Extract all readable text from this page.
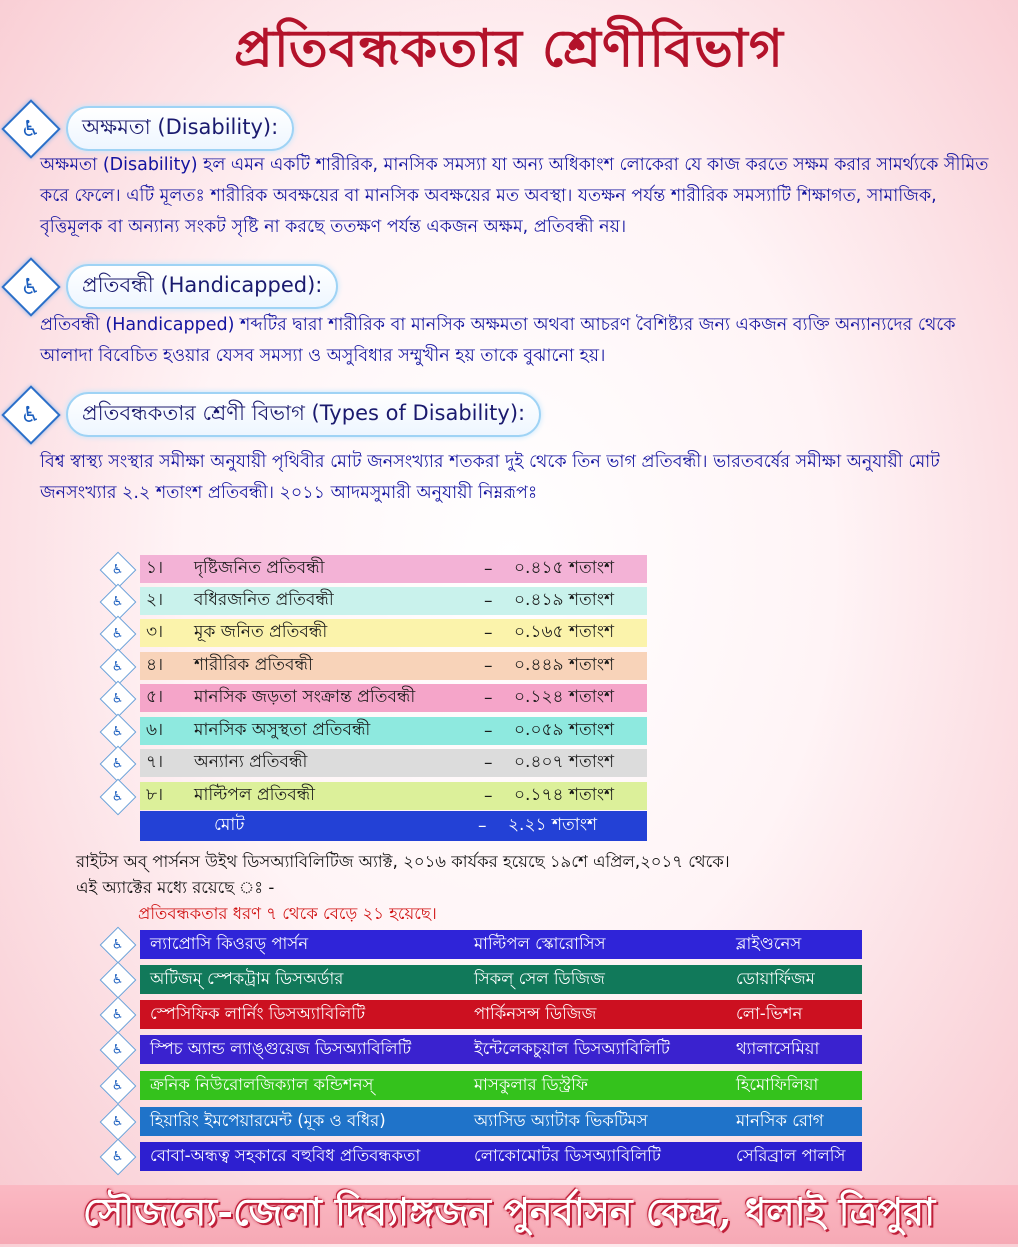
প্রতিবন্ধকতার শ্রেণীবিভাগ
♿	অক্ষমতা (Disability):
অক্ষমতা (Disability) হল এমন একটি শারীরিক, মানসিক সমস্যা যা অন্য অধিকাংশ লোকেরা যে কাজ করতে সক্ষম করার সামর্থ্যকে সীমিত করে ফেলে। এটি মূলতঃ শারীরিক অবক্ষয়ের বা মানসিক অবক্ষয়ের মত অবস্থা। যতক্ষন পর্যন্ত শারীরিক সমস্যাটি শিক্ষাগত, সামাজিক, বৃত্তিমূলক বা অন্যান্য সংকট সৃষ্টি না করছে ততক্ষণ পর্যন্ত একজন অক্ষম, প্রতিবন্ধী নয়।
♿	প্রতিবন্ধী (Handicapped):
প্রতিবন্ধী (Handicapped) শব্দটির দ্বারা শারীরিক বা মানসিক অক্ষমতা অথবা আচরণ বৈশিষ্ট্যর জন্য একজন ব্যক্তি অন্যান্যদের থেকে আলাদা বিবেচিত হওয়ার যেসব সমস্যা ও অসুবিধার সম্মুখীন হয় তাকে বুঝানো হয়।
♿	প্রতিবন্ধকতার শ্রেণী বিভাগ (Types of Disability):
বিশ্ব স্বাস্থ্য সংস্থার সমীক্ষা অনুযায়ী পৃথিবীর মোট জনসংখ্যার শতকরা দুই থেকে তিন ভাগ প্রতিবন্ধী। ভারতবর্ষের সমীক্ষা অনুযায়ী মোট জনসংখ্যার ২.২ শতাংশ প্রতিবন্ধী। ২০১১ আদমসুমারী অনুযায়ী নিম্নরূপঃ
♿	১।	দৃষ্টিজনিত প্রতিবন্ধী	–	০.৪১৫ শতাংশ
♿	২।	বধিরজনিত প্রতিবন্ধী	–	০.৪১৯ শতাংশ
♿	৩।	মূক জনিত প্রতিবন্ধী	–	০.১৬৫ শতাংশ
♿	৪।	শারীরিক প্রতিবন্ধী	–	০.৪৪৯ শতাংশ
♿	৫।	মানসিক জড়তা সংক্রান্ত প্রতিবন্ধী	–	০.১২৪ শতাংশ
♿	৬।	মানসিক অসুস্থতা প্রতিবন্ধী	–	০.০৫৯ শতাংশ
♿	৭।	অন্যান্য প্রতিবন্ধী	–	০.৪০৭ শতাংশ
♿	৮।	মাল্টিপল প্রতিবন্ধী	–	০.১৭৪ শতাংশ
মোট	–	২.২১ শতাংশ
রাইটস অব্ পার্সনস উইথ ডিসঅ্যাবিলিটিজ অ্যাক্ট, ২০১৬ কার্যকর হয়েছে ১৯শে এপ্রিল,২০১৭ থেকে।
এই অ্যাক্টের মধ্যে রয়েছে ঃ -
প্রতিবন্ধকতার ধরণ ৭ থেকে বেড়ে ২১ হয়েছে।
♿	ল্যাপ্রোসি কিওরড্ পার্সন	মাল্টিপল স্কোরোসিস	ব্লাইণ্ডনেস
♿	অটিজম্ স্পেকট্রাম ডিসঅর্ডার	সিকল্ সেল ডিজিজ	ডোয়ার্ফিজম
♿	স্পেসিফিক লার্নিং ডিসঅ্যাবিলিটি	পার্কিনসন্স ডিজিজ	লো-ভিশন
♿	স্পিচ অ্যান্ড ল্যাঙ্গুয়েজ ডিসঅ্যাবিলিটি	ইন্টেলেকচুয়াল ডিসঅ্যাবিলিটি	থ্যালাসেমিয়া
♿	ক্রনিক নিউরোলজিক্যাল কন্ডিশনস্	মাসকুলার ডিস্ট্রফি	হিমোফিলিয়া
♿	হিয়ারিং ইমপেয়ারমেন্ট (মূক ও বধির)	অ্যাসিড অ্যাটাক ভিকটিমস	মানসিক রোগ
♿	বোবা-অন্ধত্ব সহকারে বহুবিধ প্রতিবন্ধকতা	লোকোমোটর ডিসঅ্যাবিলিটি	সেরিব্রাল পালসি
সৌজন্যে-জেলা দিব্যাঙ্গজন পুনর্বাসন কেন্দ্র, ধলাই ত্রিপুরা
